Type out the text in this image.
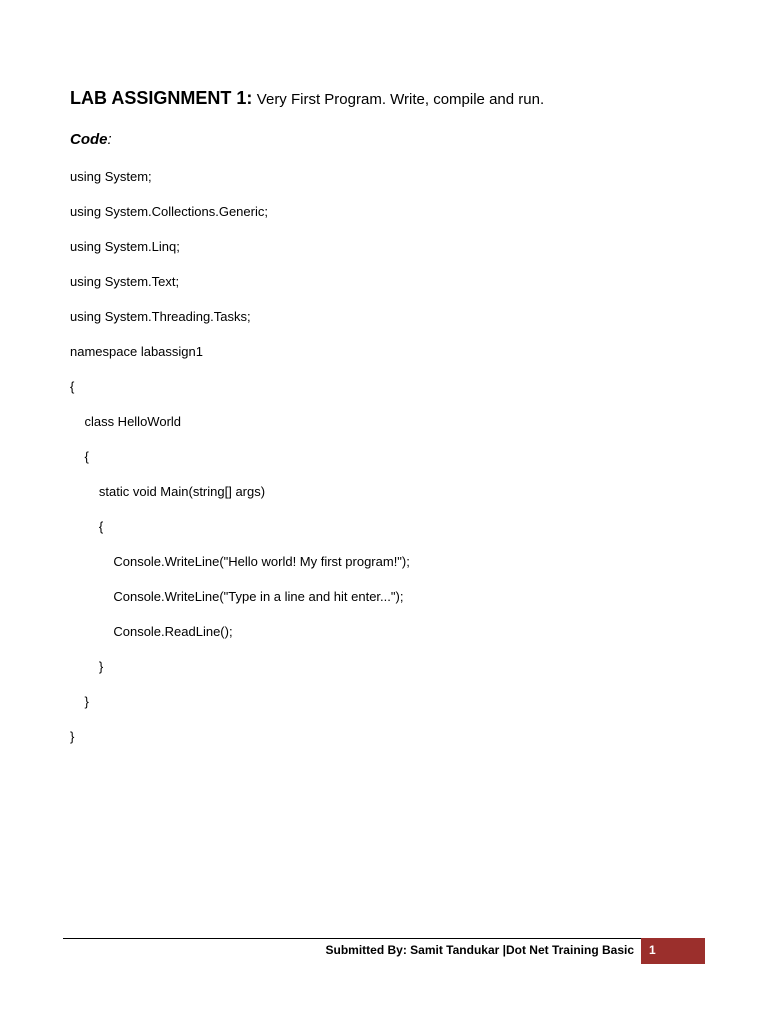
LAB ASSIGNMENT 1: Very First Program. Write, compile and run.
Code:
using System;
using System.Collections.Generic;
using System.Linq;
using System.Text;
using System.Threading.Tasks;
namespace labassign1
{
class HelloWorld
{
static void Main(string[] args)
{
Console.WriteLine("Hello world! My first program!");
Console.WriteLine("Type in a line and hit enter...");
Console.ReadLine();
}
}
}
Submitted By: Samit Tandukar |Dot Net Training Basic 1
